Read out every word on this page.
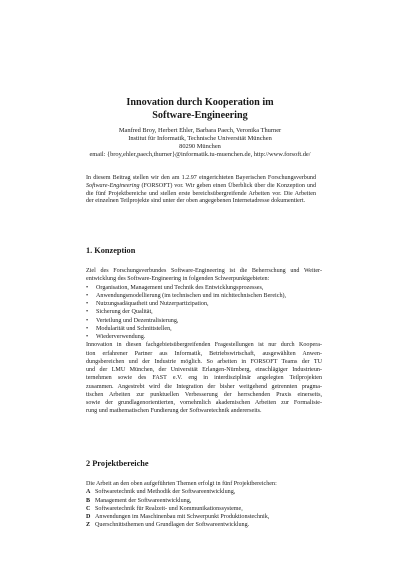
Innovation durch Kooperation im
Software-Engineering
Manfred Broy, Herbert Ehler, Barbara Paech, Veronika Thurner
Institut für Informatik, Technische Universität München
80290 München
email: {broy,ehler,paech,thurner}@informatik.tu-muenchen.de, http://www.forsoft.de/
In diesem Beitrag stellen wir den am 1.2.97 eingerichteten Bayerischen Forschungsverbund
Software-Engineering (FORSOFT) vor. Wir geben einen Überblick über die Konzeption und
die fünf Projektbereiche und stellen erste bereichsübergreifende Arbeiten vor. Die Arbeiten
der einzelnen Teilprojekte sind unter der oben angegebenen Internetadresse dokumentiert.
1. Konzeption
Ziel des Forschungsverbundes Software-Engineering ist die Beherrschung und Weiter-
entwicklung des Software-Engineering in folgenden Schwerpunktgebieten:
•	Organisation, Management und Technik des Entwicklungsprozesses,
•	Anwendungsmodellierung (im technischen und im nichttechnischen Bereich),
•	Nutzungsadäquatheit und Nutzerpartizipation,
•	Sicherung der Qualität,
•	Verteilung und Dezentralisierung,
•	Modularität und Schnittstellen,
•	Wiederverwendung.
Innovation in diesen fachgebietsübergreifenden Fragestellungen ist nur durch Koopera-
tion erfahrener Partner aus Informatik, Betriebswirtschaft, ausgewählten Anwen-
dungsbereichen und der Industrie möglich. So arbeiten in FORSOFT Teams der TU
und der LMU München, der Universität Erlangen-Nürnberg, einschlägiger Industrieun-
ternehmen sowie des FAST e.V. eng in interdisziplinär angelegten Teilprojekten
zusammen. Angestrebt wird die Integration der bisher weitgehend getrennten pragma-
tischen Arbeiten zur punktuellen Verbesserung der herrschenden Praxis einerseits,
sowie der grundlagenorientierten, vornehmlich akademischen Arbeiten zur Formalisie-
rung und mathematischen Fundierung der Softwaretechnik andererseits.
2 Projektbereiche
Die Arbeit an den oben aufgeführten Themen erfolgt in fünf Projektbereichen:
A Softwaretechnik und Methodik der Softwareentwicklung,
B Management der Softwareentwicklung,
C Softwaretechnik für Realzeit- und Kommunikationssysteme,
D Anwendungen im Maschinenbau mit Schwerpunkt Produktionstechnik,
Z Querschnittsthemen und Grundlagen der Softwareentwicklung.
